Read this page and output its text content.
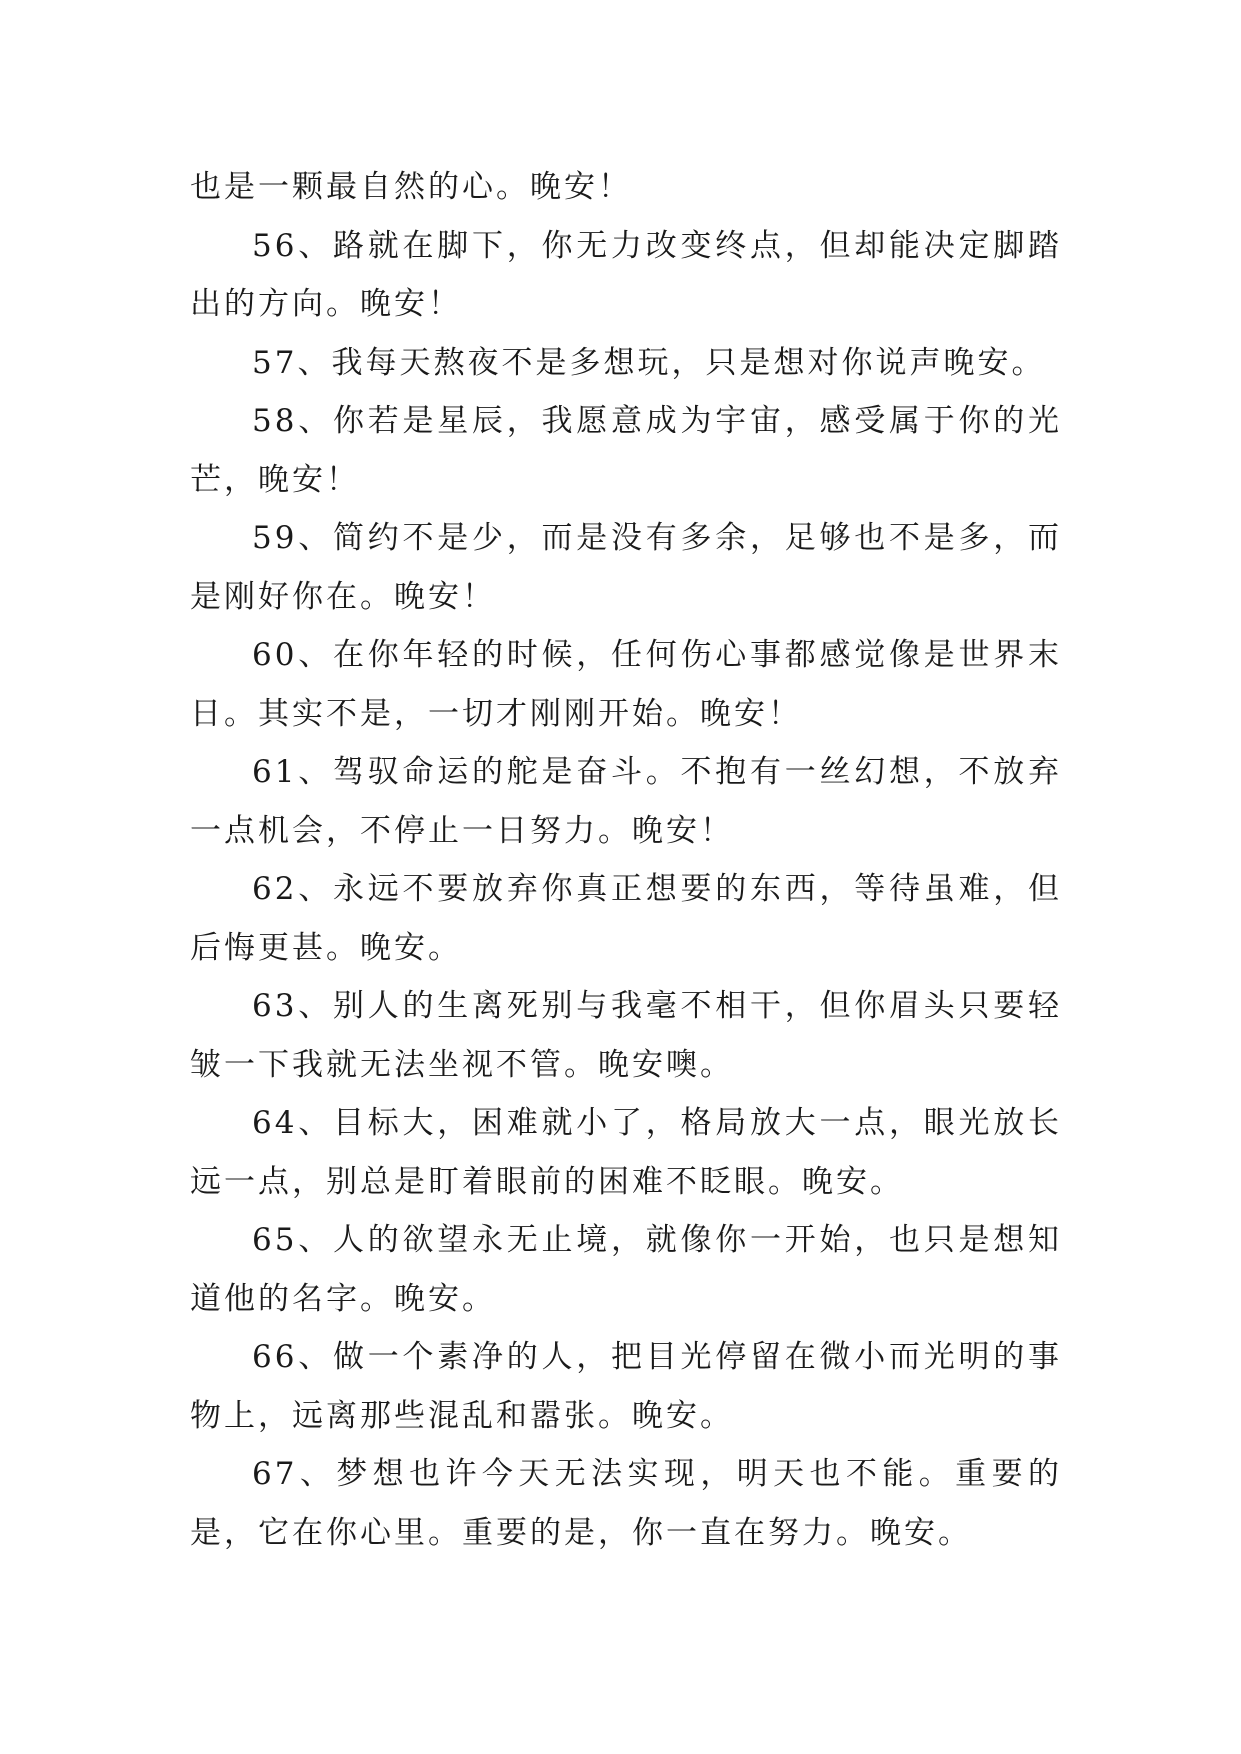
也是一颗最自然的心。晚安！

56、路就在脚下，你无力改变终点，但却能决定脚踏出的方向。晚安！

57、我每天熬夜不是多想玩，只是想对你说声晚安。

58、你若是星辰，我愿意成为宇宙，感受属于你的光芒，晚安！

59、简约不是少，而是没有多余，足够也不是多，而是刚好你在。晚安！

60、在你年轻的时候，任何伤心事都感觉像是世界末日。其实不是，一切才刚刚开始。晚安！

61、驾驭命运的舵是奋斗。不抱有一丝幻想，不放弃一点机会，不停止一日努力。晚安！

62、永远不要放弃你真正想要的东西，等待虽难，但后悔更甚。晚安。

63、别人的生离死别与我毫不相干，但你眉头只要轻皱一下我就无法坐视不管。晚安噢。

64、目标大，困难就小了，格局放大一点，眼光放长远一点，别总是盯着眼前的困难不眨眼。晚安。

65、人的欲望永无止境，就像你一开始，也只是想知道他的名字。晚安。

66、做一个素净的人，把目光停留在微小而光明的事物上，远离那些混乱和嚣张。晚安。

67、梦想也许今天无法实现，明天也不能。重要的是，它在你心里。重要的是，你一直在努力。晚安。
